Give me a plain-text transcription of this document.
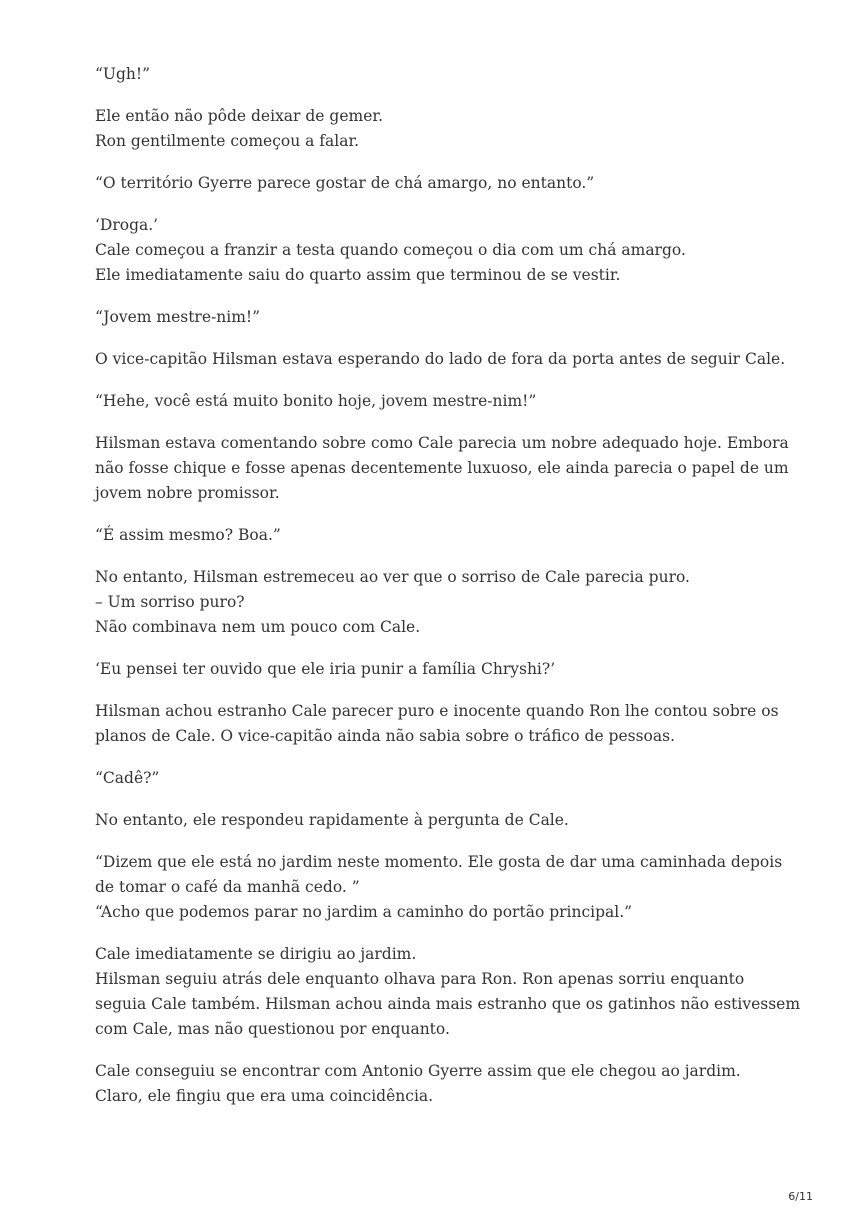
“Ugh!”

Ele então não pôde deixar de gemer.
Ron gentilmente começou a falar.

“O território Gyerre parece gostar de chá amargo, no entanto.”

‘Droga.’
Cale começou a franzir a testa quando começou o dia com um chá amargo.
Ele imediatamente saiu do quarto assim que terminou de se vestir.

“Jovem mestre-nim!”

O vice-capitão Hilsman estava esperando do lado de fora da porta antes de seguir Cale.

“Hehe, você está muito bonito hoje, jovem mestre-nim!”

Hilsman estava comentando sobre como Cale parecia um nobre adequado hoje. Embora
não fosse chique e fosse apenas decentemente luxuoso, ele ainda parecia o papel de um
jovem nobre promissor.

“É assim mesmo? Boa.”

No entanto, Hilsman estremeceu ao ver que o sorriso de Cale parecia puro.
– Um sorriso puro?
Não combinava nem um pouco com Cale.

‘Eu pensei ter ouvido que ele iria punir a família Chryshi?’

Hilsman achou estranho Cale parecer puro e inocente quando Ron lhe contou sobre os
planos de Cale. O vice-capitão ainda não sabia sobre o tráfico de pessoas.

“Cadê?”

No entanto, ele respondeu rapidamente à pergunta de Cale.

“Dizem que ele está no jardim neste momento. Ele gosta de dar uma caminhada depois
de tomar o café da manhã cedo. ”
“Acho que podemos parar no jardim a caminho do portão principal.”

Cale imediatamente se dirigiu ao jardim.
Hilsman seguiu atrás dele enquanto olhava para Ron. Ron apenas sorriu enquanto
seguia Cale também. Hilsman achou ainda mais estranho que os gatinhos não estivessem
com Cale, mas não questionou por enquanto.

Cale conseguiu se encontrar com Antonio Gyerre assim que ele chegou ao jardim.
Claro, ele fingiu que era uma coincidência.

6/11
